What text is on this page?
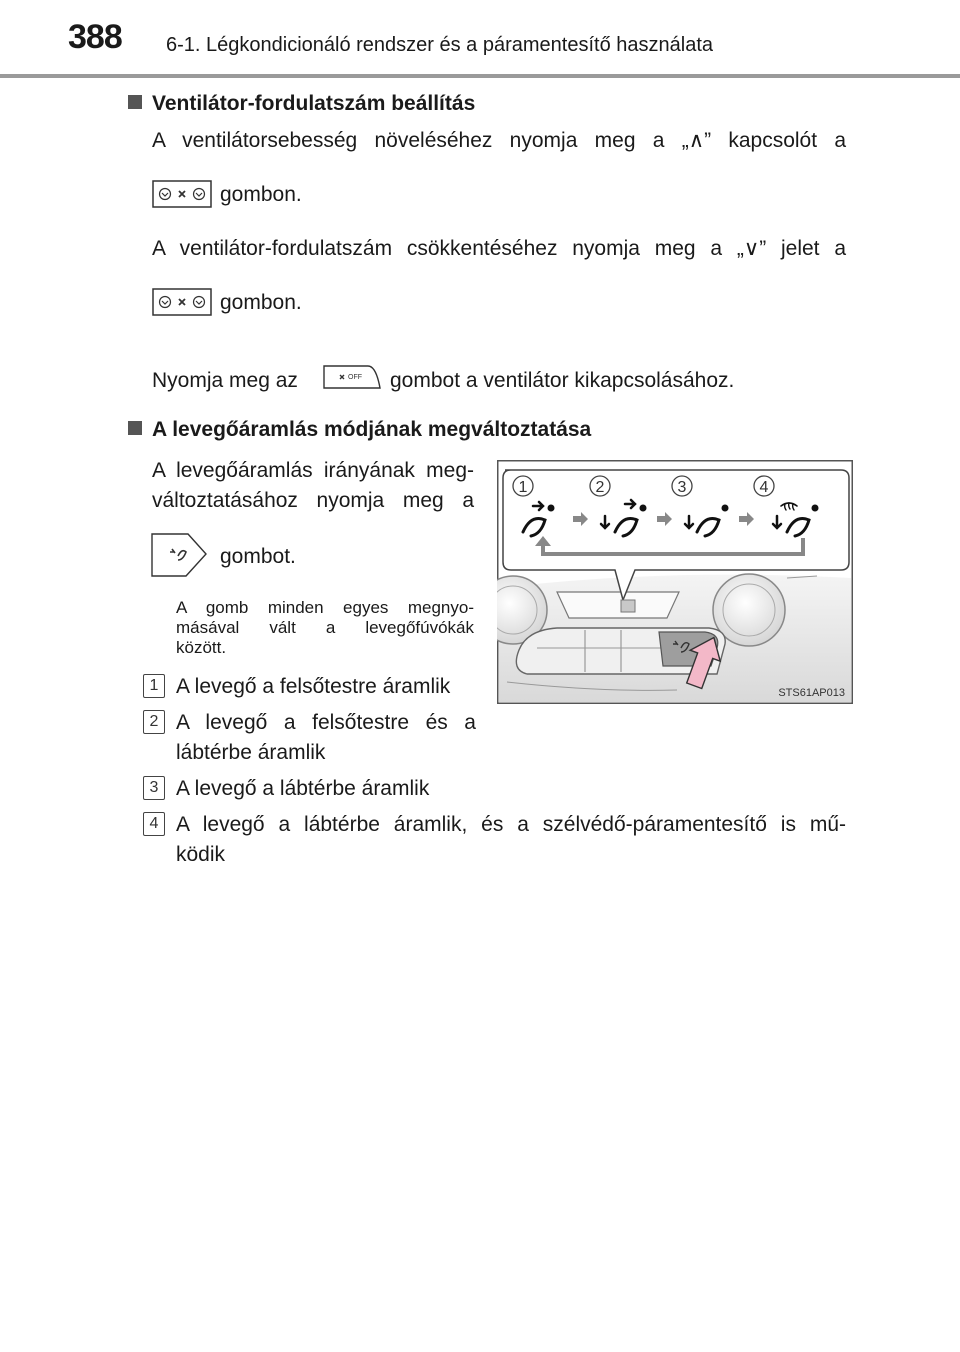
388 6-1. Légkondicionáló rendszer és a páramentesítő használata
Ventilátor-fordulatszám beállítás
A ventilátorsebesség növeléséhez nyomja meg a „∧” kapcsolót a
gombon.
A ventilátor-fordulatszám csökkentéséhez nyomja meg a „∨” jelet a
gombon.
Nyomja meg az	OFF gombot a ventilátor kikapcsolásához.
A levegőáramlás módjának megváltoztatása
A levegőáramlás irányának meg-
változtatásához nyomja meg a
gombot.
A gomb minden egyes megnyo-
másával vált a levegőfúvókák
között.
1 A levegő a felsőtestre áramlik
2 A levegő a felsőtestre és a
lábtérbe áramlik
3 A levegő a lábtérbe áramlik
4 A levegő a lábtérbe áramlik, és a szélvédő-páramentesítő is mű-
ködik
1	2	3	4
STS61AP013
